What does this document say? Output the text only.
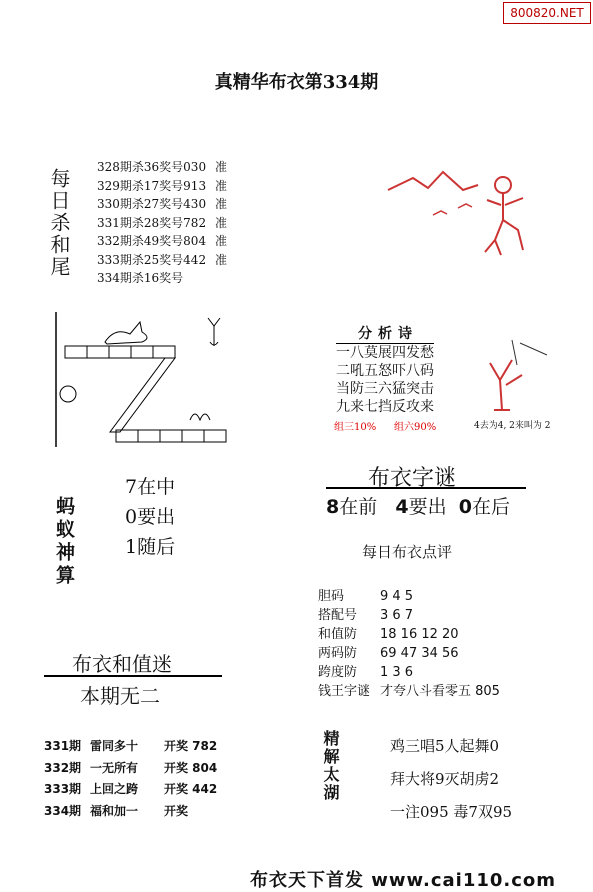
800820.NET
真精华布衣第334期
每日杀和尾
328期杀36奖号030 准
329期杀17奖号913 准
330期杀27奖号430 准
331期杀28奖号782 准
332期杀49奖号804 准
333期杀25奖号442 准
334期杀16奖号
分析诗
一八莫展四发愁
二吼五怒吓八码
当防三六猛突击
九来七挡反攻来
组三10% 组六90%	4去为4, 2来叫为 2
蚂蚁神算
7在中
0要出
1随后
布衣字谜
8在前 4要出 0在后
每日布衣点评
胆码	9 4 5
搭配号	3 6 7
和值防	18 16 12 20
两码防	69 47 34 56
跨度防	1 3 6
钱王字谜 才夸八斗看零五 805
布衣和值迷
本期无二
331期 雷同多十	开奖 782
332期 一无所有	开奖 804
333期 上回之跨	开奖 442
334期 福和加一	开奖
精解太湖	鸡三唱5人起舞0
拜大将9灭胡虏2
一注095 毒7双95
布衣天下首发 www.cai110.com
